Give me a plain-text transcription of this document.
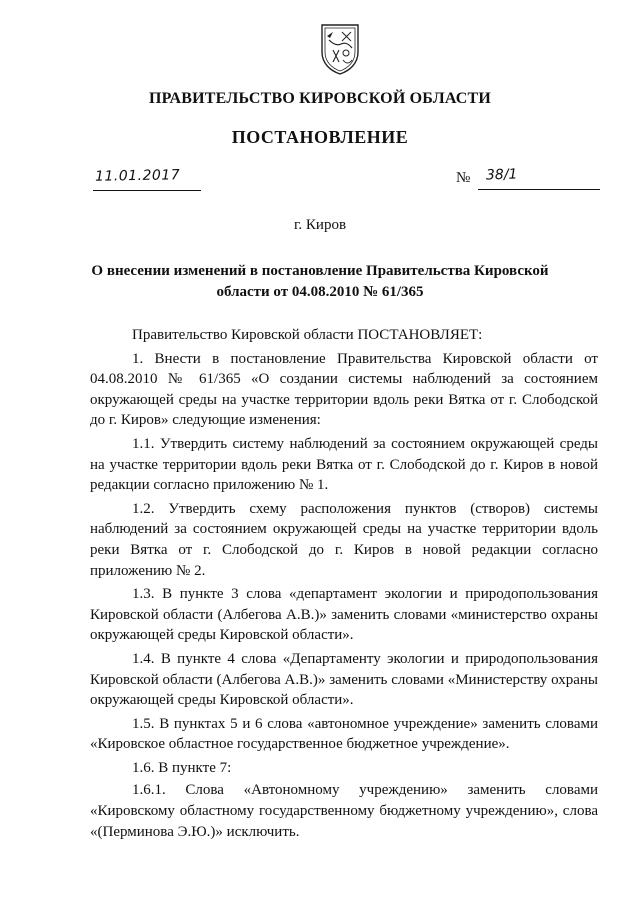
ПРАВИТЕЛЬСТВО КИРОВСКОЙ ОБЛАСТИ
ПОСТАНОВЛЕНИЕ
11.01.2017	№ 38/1
г. Киров
О внесении изменений в постановление Правительства Кировской
области от 04.08.2010 № 61/365

Правительство Кировской области ПОСТАНОВЛЯЕТ:

1. Внести в постановление Правительства Кировской области от 04.08.2010 № 61/365 «О создании системы наблюдений за состоянием окружающей среды на участке территории вдоль реки Вятка от г. Слободской до г. Киров» следующие изменения:

1.1. Утвердить систему наблюдений за состоянием окружающей среды на участке территории вдоль реки Вятка от г. Слободской до г. Киров в новой редакции согласно приложению № 1.

1.2. Утвердить схему расположения пунктов (створов) системы наблюдений за состоянием окружающей среды на участке территории вдоль реки Вятка от г. Слободской до г. Киров в новой редакции согласно приложению № 2.

1.3. В пункте 3 слова «департамент экологии и природопользования Кировской области (Албегова А.В.)» заменить словами «министерство охраны окружающей среды Кировской области».

1.4. В пункте 4 слова «Департаменту экологии и природопользования Кировской области (Албегова А.В.)» заменить словами «Министерству охраны окружающей среды Кировской области».

1.5. В пунктах 5 и 6 слова «автономное учреждение» заменить словами «Кировское областное государственное бюджетное учреждение».

1.6. В пункте 7:

1.6.1. Слова «Автономному учреждению» заменить словами «Кировскому областному государственному бюджетному учреждению», слова «(Перминова Э.Ю.)» исключить.
